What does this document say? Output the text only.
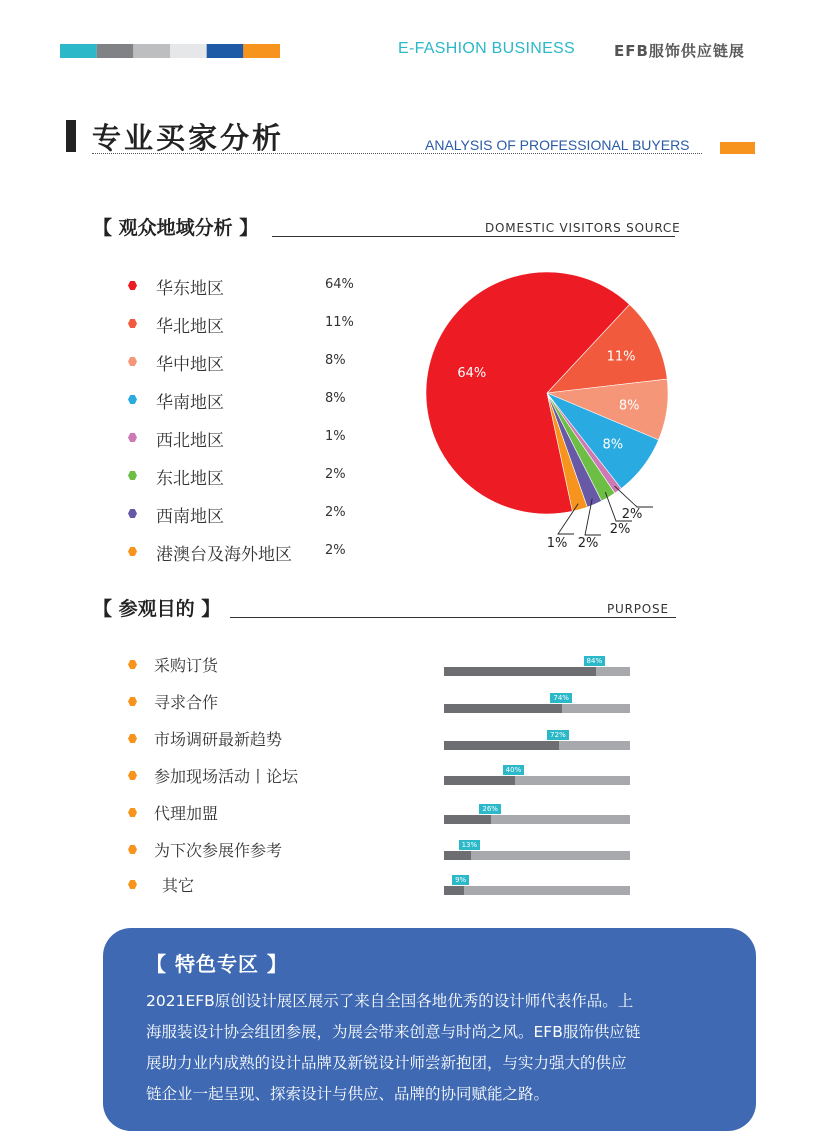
E-FASHION BUSINESS	EFB服饰供应链展
专业买家分析	ANALYSIS OF PROFESSIONAL BUYERS
【 观众地域分析 】	DOMESTIC VISITORS SOURCE
华东地区	64%
华北地区	11%
华中地区	8%
华南地区	8%
西北地区	1%
东北地区	2%
西南地区	2%
港澳台及海外地区	2%
64%
11%
8%
8%
2%
2%
2%
1%
【 参观目的 】	PURPOSE
采购订货	84%
寻求合作	74%
市场调研最新趋势	72%
参加现场活动丨论坛	40%
代理加盟	26%
为下次参展作参考	13%
其它	9%
【 特色专区 】
2021EFB原创设计展区展示了来自全国各地优秀的设计师代表作品。上
海服装设计协会组团参展，为展会带来创意与时尚之风。EFB服饰供应链
展助力业内成熟的设计品牌及新锐设计师尝新抱团，与实力强大的供应
链企业一起呈现、探索设计与供应、品牌的协同赋能之路。
